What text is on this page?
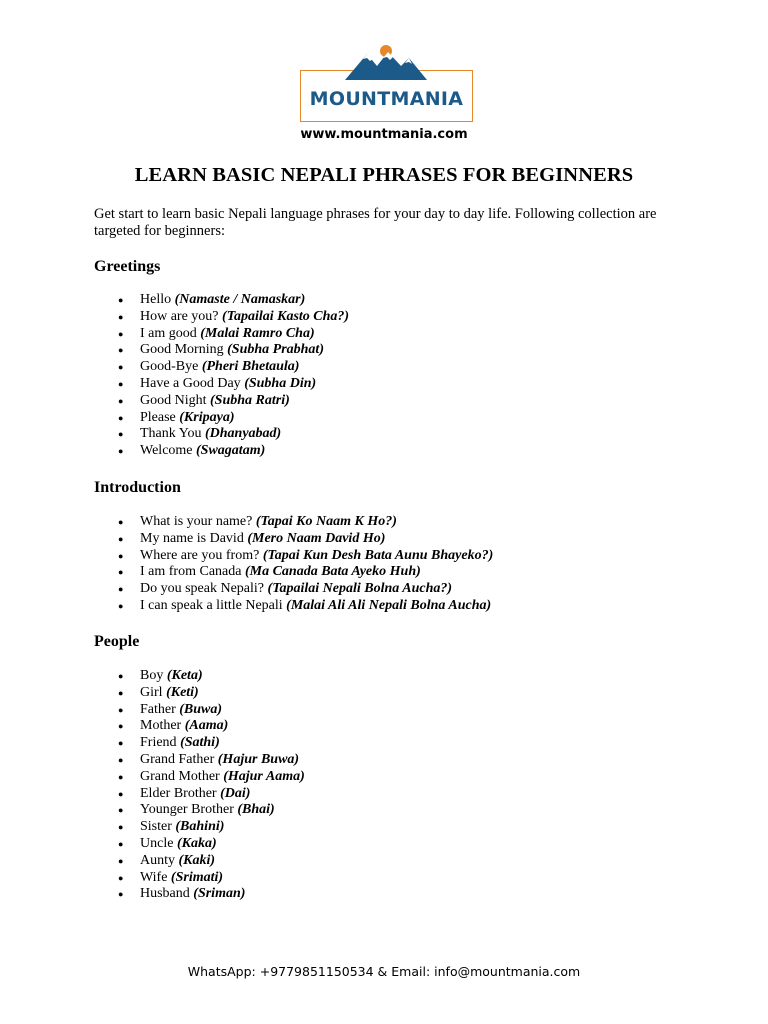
MOUNTMANIA
www.mountmania.com
LEARN BASIC NEPALI PHRASES FOR BEGINNERS
Get start to learn basic Nepali language phrases for your day to day life. Following collection are targeted for beginners:
Greetings
● Hello (Namaste / Namaskar)
● How are you? (Tapailai Kasto Cha?)
● I am good (Malai Ramro Cha)
● Good Morning (Subha Prabhat)
● Good-Bye (Pheri Bhetaula)
● Have a Good Day (Subha Din)
● Good Night (Subha Ratri)
● Please (Kripaya)
● Thank You (Dhanyabad)
● Welcome (Swagatam)
Introduction
● What is your name? (Tapai Ko Naam K Ho?)
● My name is David (Mero Naam David Ho)
● Where are you from? (Tapai Kun Desh Bata Aunu Bhayeko?)
● I am from Canada (Ma Canada Bata Ayeko Huh)
● Do you speak Nepali? (Tapailai Nepali Bolna Aucha?)
● I can speak a little Nepali (Malai Ali Ali Nepali Bolna Aucha)
People
● Boy (Keta)
● Girl (Keti)
● Father (Buwa)
● Mother (Aama)
● Friend (Sathi)
● Grand Father (Hajur Buwa)
● Grand Mother (Hajur Aama)
● Elder Brother (Dai)
● Younger Brother (Bhai)
● Sister (Bahini)
● Uncle (Kaka)
● Aunty (Kaki)
● Wife (Srimati)
● Husband (Sriman)
WhatsApp: +9779851150534 & Email: info@mountmania.com
